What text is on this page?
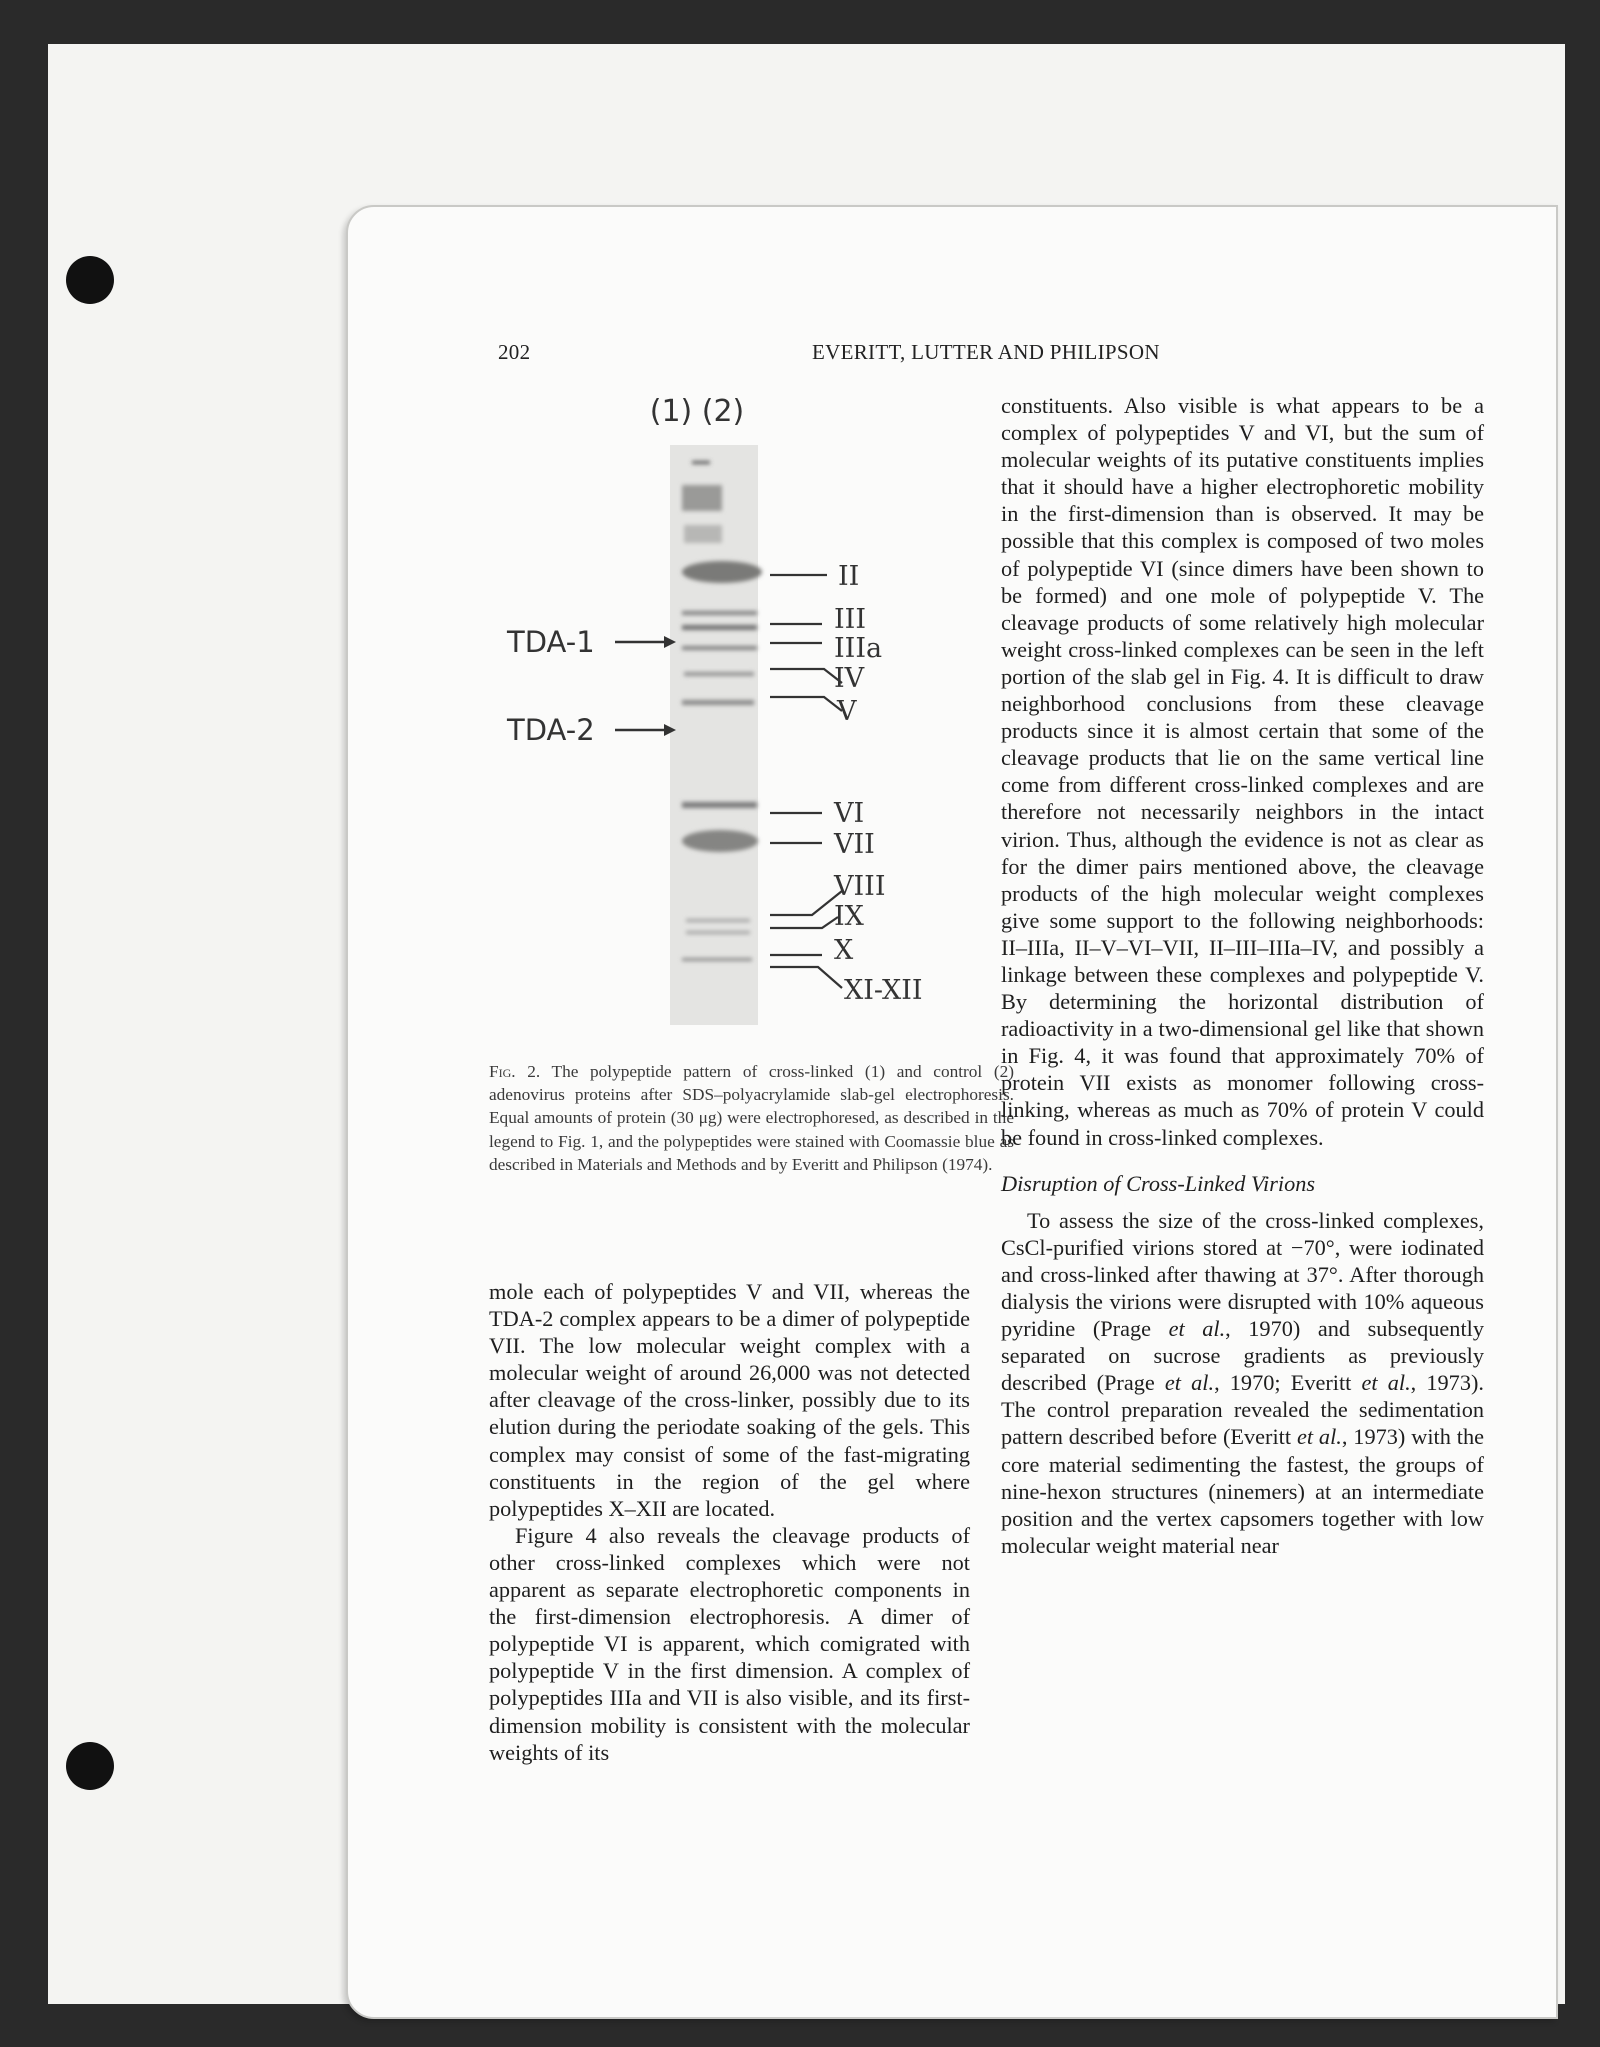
202	EVERITT, LUTTER AND PHILIPSON
(1) (2)
TDA-1
TDA-2
II
III
IIIa
IV
V
VI
VII
VIII
IX
X
XI-XII
Fig. 2. The polypeptide pattern of cross-linked (1) and control (2) adenovirus proteins after SDS–polyacrylamide slab-gel electrophoresis. Equal amounts of protein (30 μg) were electrophoresed, as described in the legend to Fig. 1, and the polypeptides were stained with Coomassie blue as described in Materials and Methods and by Everitt and Philipson (1974).

mole each of polypeptides V and VII, whereas the TDA-2 complex appears to be a dimer of polypeptide VII. The low molecular weight complex with a molecular weight of around 26,000 was not detected after cleavage of the cross-linker, possibly due to its elution during the periodate soaking of the gels. This complex may consist of some of the fast-migrating constituents in the region of the gel where polypeptides X–XII are located.

Figure 4 also reveals the cleavage products of other cross-linked complexes which were not apparent as separate electrophoretic components in the first-dimension electrophoresis. A dimer of polypeptide VI is apparent, which comigrated with polypeptide V in the first dimension. A complex of polypeptides IIIa and VII is also visible, and its first-dimension mobility is consistent with the molecular weights of its

constituents. Also visible is what appears to be a complex of polypeptides V and VI, but the sum of molecular weights of its putative constituents implies that it should have a higher electrophoretic mobility in the first-dimension than is observed. It may be possible that this complex is composed of two moles of polypeptide VI (since dimers have been shown to be formed) and one mole of polypeptide V. The cleavage products of some relatively high molecular weight cross-linked complexes can be seen in the left portion of the slab gel in Fig. 4. It is difficult to draw neighborhood conclusions from these cleavage products since it is almost certain that some of the cleavage products that lie on the same vertical line come from different cross-linked complexes and are therefore not necessarily neighbors in the intact virion. Thus, although the evidence is not as clear as for the dimer pairs mentioned above, the cleavage products of the high molecular weight complexes give some support to the following neighborhoods: II–IIIa, II–V–VI–VII, II–III–IIIa–IV, and possibly a linkage between these complexes and polypeptide V. By determining the horizontal distribution of radioactivity in a two-dimensional gel like that shown in Fig. 4, it was found that approximately 70% of protein VII exists as monomer following cross-linking, whereas as much as 70% of protein V could be found in cross-linked complexes.

Disruption of Cross-Linked Virions

To assess the size of the cross-linked complexes, CsCl-purified virions stored at −70°, were iodinated and cross-linked after thawing at 37°. After thorough dialysis the virions were disrupted with 10% aqueous pyridine (Prage et al., 1970) and subsequently separated on sucrose gradients as previously described (Prage et al., 1970; Everitt et al., 1973). The control preparation revealed the sedimentation pattern described before (Everitt et al., 1973) with the core material sedimenting the fastest, the groups of nine-hexon structures (ninemers) at an intermediate position and the vertex capsomers together with low molecular weight material near
